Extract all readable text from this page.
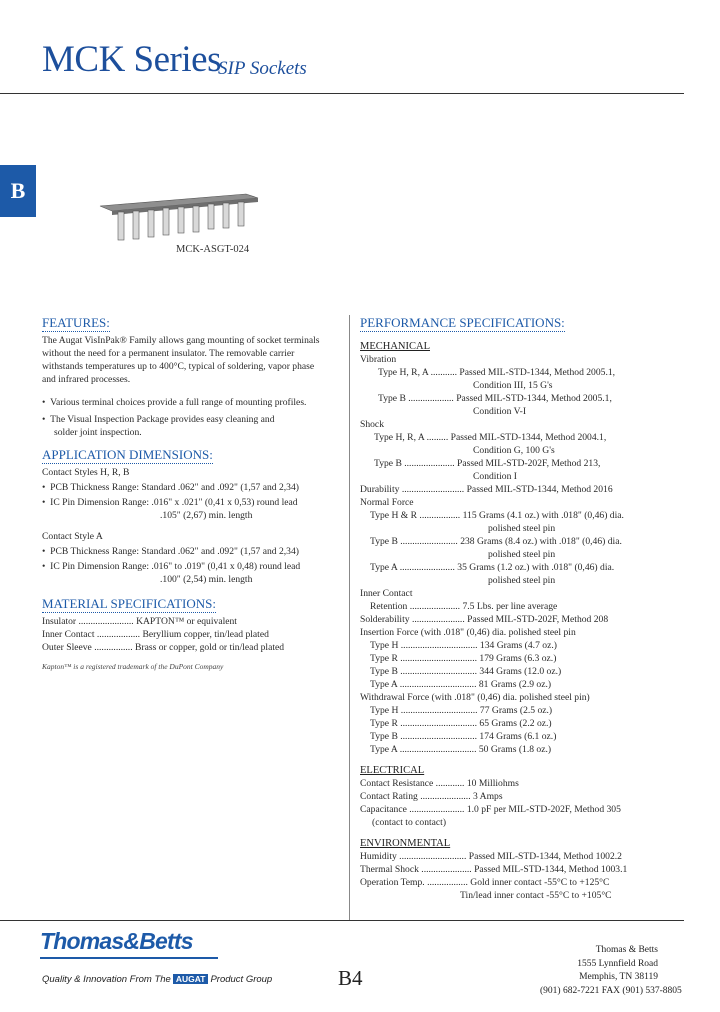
MCK Series
SIP Sockets
B
MCK-ASGT-024
FEATURES:
The Augat VisInPak® Family allows gang mounting of socket terminals
without the need for a permanent insulator. The removable carrier
withstands temperatures up to 400°C, typical of soldering, vapor phase
and infrared processes.
•  Various terminal choices provide a full range of mounting profiles.
•  The Visual Inspection Package provides easy cleaning and
solder joint inspection.
APPLICATION DIMENSIONS:
Contact Styles H, R, B
•  PCB Thickness Range: Standard .062" and .092" (1,57 and 2,34)
•  IC Pin Dimension Range: .016" x .021" (0,41 x 0,53) round lead
.105" (2,67) min. length
Contact Style A
•  PCB Thickness Range: Standard .062" and .092" (1,57 and 2,34)
•  IC Pin Dimension Range: .016" to .019" (0,41 x 0,48) round lead
.100" (2,54) min. length
MATERIAL SPECIFICATIONS:
Insulator ....................... KAPTON™ or equivalent
Inner Contact .................. Beryllium copper, tin/lead plated
Outer Sleeve ................ Brass or copper, gold or tin/lead plated
Kapton™ is a registered trademark of the DuPont Company
PERFORMANCE SPECIFICATIONS:
MECHANICAL
Vibration
Type H, R, A ........... Passed MIL-STD-1344, Method 2005.1,
Condition III, 15 G's
Type B ................... Passed MIL-STD-1344, Method 2005.1,
Condition V-I
Shock
Type H, R, A ......... Passed MIL-STD-1344, Method 2004.1,
Condition G, 100 G's
Type B ..................... Passed MIL-STD-202F, Method 213,
Condition I
Durability .......................... Passed MIL-STD-1344, Method 2016
Normal Force
Type H & R ................. 115 Grams (4.1 oz.) with .018" (0,46) dia.
polished steel pin
Type B ........................ 238 Grams (8.4 oz.) with .018" (0,46) dia.
polished steel pin
Type A ....................... 35 Grams (1.2 oz.) with .018" (0,46) dia.
polished steel pin
Inner Contact
Retention ..................... 7.5 Lbs. per line average
Solderability ...................... Passed MIL-STD-202F, Method 208
Insertion Force (with .018" (0,46) dia. polished steel pin
Type H ................................ 134 Grams (4.7 oz.)
Type R ................................ 179 Grams (6.3 oz.)
Type B ................................ 344 Grams (12.0 oz.)
Type A ................................ 81 Grams (2.9 oz.)
Withdrawal Force (with .018" (0,46) dia. polished steel pin)
Type H ................................ 77 Grams (2.5 oz.)
Type R ................................ 65 Grams (2.2 oz.)
Type B ................................ 174 Grams (6.1 oz.)
Type A ................................ 50 Grams (1.8 oz.)
ELECTRICAL
Contact Resistance ............ 10 Milliohms
Contact Rating ..................... 3 Amps
Capacitance ....................... 1.0 pF per MIL-STD-202F, Method 305
(contact to contact)
ENVIRONMENTAL
Humidity ............................ Passed MIL-STD-1344, Method 1002.2
Thermal Shock ..................... Passed MIL-STD-1344, Method 1003.1
Operation Temp. ................. Gold inner contact -55°C to +125°C
Tin/lead inner contact -55°C to +105°C
Thomas&Betts
Quality & Innovation From The AUGAT Product Group	B4
Thomas & Betts
1555 Lynnfield Road
Memphis, TN 38119
(901) 682-7221 FAX (901) 537-8805
